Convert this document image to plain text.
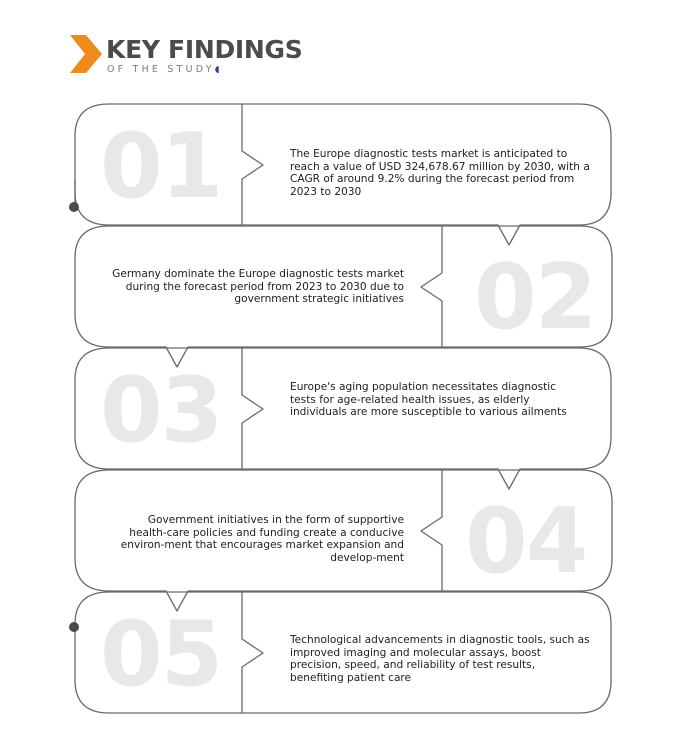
KEY FINDINGS
OF THE STUDY◖
01
02
03
04
05
The Europe diagnostic tests market is anticipated to reach a value of USD 324,678.67 million by 2030, with a CAGR of around 9.2% during the forecast period from 2023 to 2030
Germany dominate the Europe diagnostic tests market during the forecast period from 2023 to 2030 due to government strategic initiatives
Europe's aging population necessitates diagnostic tests for age-related health issues, as elderly individuals are more susceptible to various ailments
Government initiatives in the form of supportive health-care policies and funding create a conducive environ-ment that encourages market expansion and develop-ment
Technological advancements in diagnostic tools, such as improved imaging and molecular assays, boost precision, speed, and reliability of test results, benefiting patient care
